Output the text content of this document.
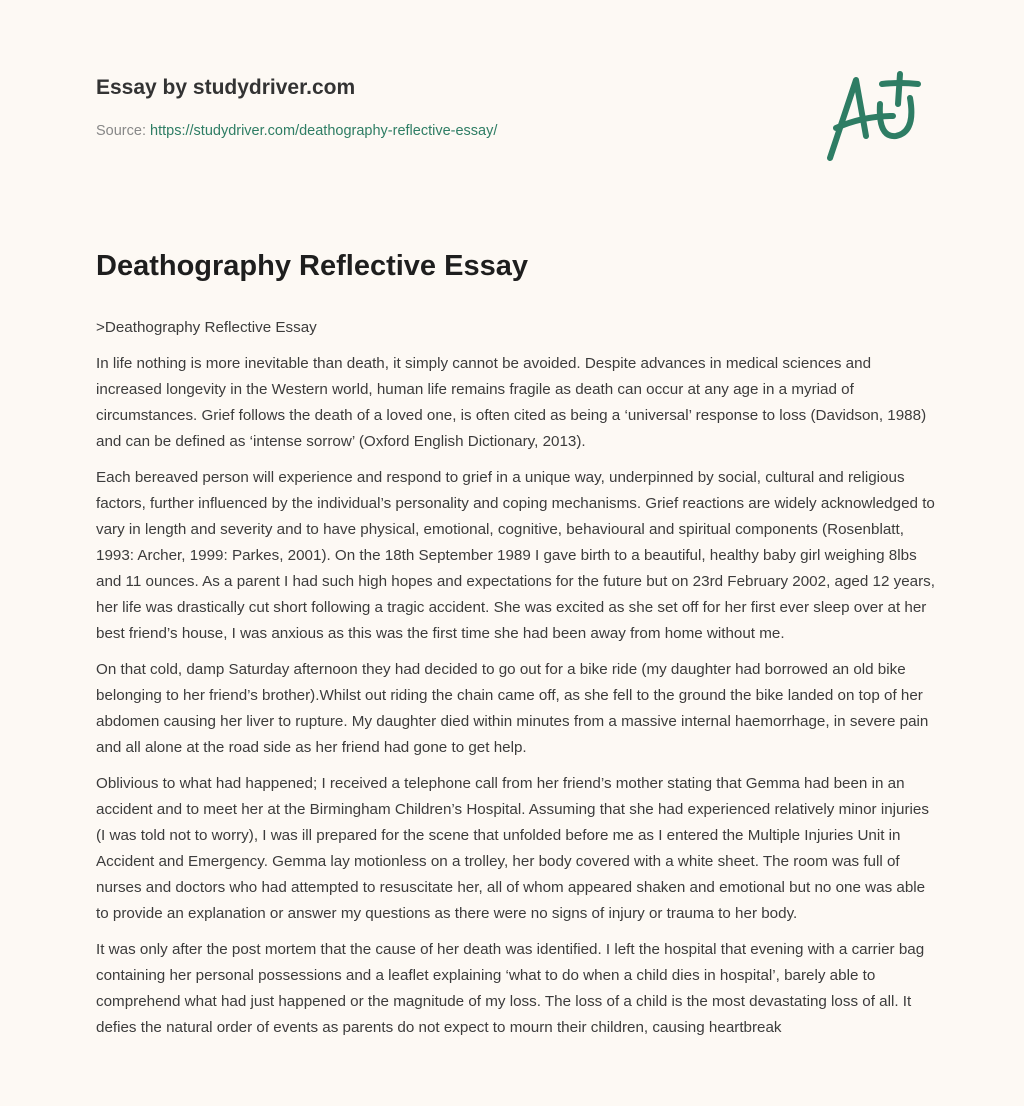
Essay by studydriver.com
Source: https://studydriver.com/deathography-reflective-essay/
Deathography Reflective Essay

>Deathography Reflective Essay

In life nothing is more inevitable than death, it simply cannot be avoided. Despite advances in medical sciences and increased longevity in the Western world, human life remains fragile as death can occur at any age in a myriad of circumstances. Grief follows the death of a loved one, is often cited as being a ‘universal’ response to loss (Davidson, 1988) and can be defined as ‘intense sorrow’ (Oxford English Dictionary, 2013).

Each bereaved person will experience and respond to grief in a unique way, underpinned by social, cultural and religious factors, further influenced by the individual’s personality and coping mechanisms. Grief reactions are widely acknowledged to vary in length and severity and to have physical, emotional, cognitive, behavioural and spiritual components (Rosenblatt, 1993: Archer, 1999: Parkes, 2001). On the 18th September 1989 I gave birth to a beautiful, healthy baby girl weighing 8lbs and 11 ounces. As a parent I had such high hopes and expectations for the future but on 23rd February 2002, aged 12 years, her life was drastically cut short following a tragic accident. She was excited as she set off for her first ever sleep over at her best friend’s house, I was anxious as this was the first time she had been away from home without me.

On that cold, damp Saturday afternoon they had decided to go out for a bike ride (my daughter had borrowed an old bike belonging to her friend’s brother).Whilst out riding the chain came off, as she fell to the ground the bike landed on top of her abdomen causing her liver to rupture. My daughter died within minutes from a massive internal haemorrhage, in severe pain and all alone at the road side as her friend had gone to get help.

Oblivious to what had happened; I received a telephone call from her friend’s mother stating that Gemma had been in an accident and to meet her at the Birmingham Children’s Hospital. Assuming that she had experienced relatively minor injuries (I was told not to worry), I was ill prepared for the scene that unfolded before me as I entered the Multiple Injuries Unit in Accident and Emergency. Gemma lay motionless on a trolley, her body covered with a white sheet. The room was full of nurses and doctors who had attempted to resuscitate her, all of whom appeared shaken and emotional but no one was able to provide an explanation or answer my questions as there were no signs of injury or trauma to her body.

It was only after the post mortem that the cause of her death was identified. I left the hospital that evening with a carrier bag containing her personal possessions and a leaflet explaining ‘what to do when a child dies in hospital’, barely able to comprehend what had just happened or the magnitude of my loss. The loss of a child is the most devastating loss of all. It defies the natural order of events as parents do not expect to mourn their children, causing heartbreak
